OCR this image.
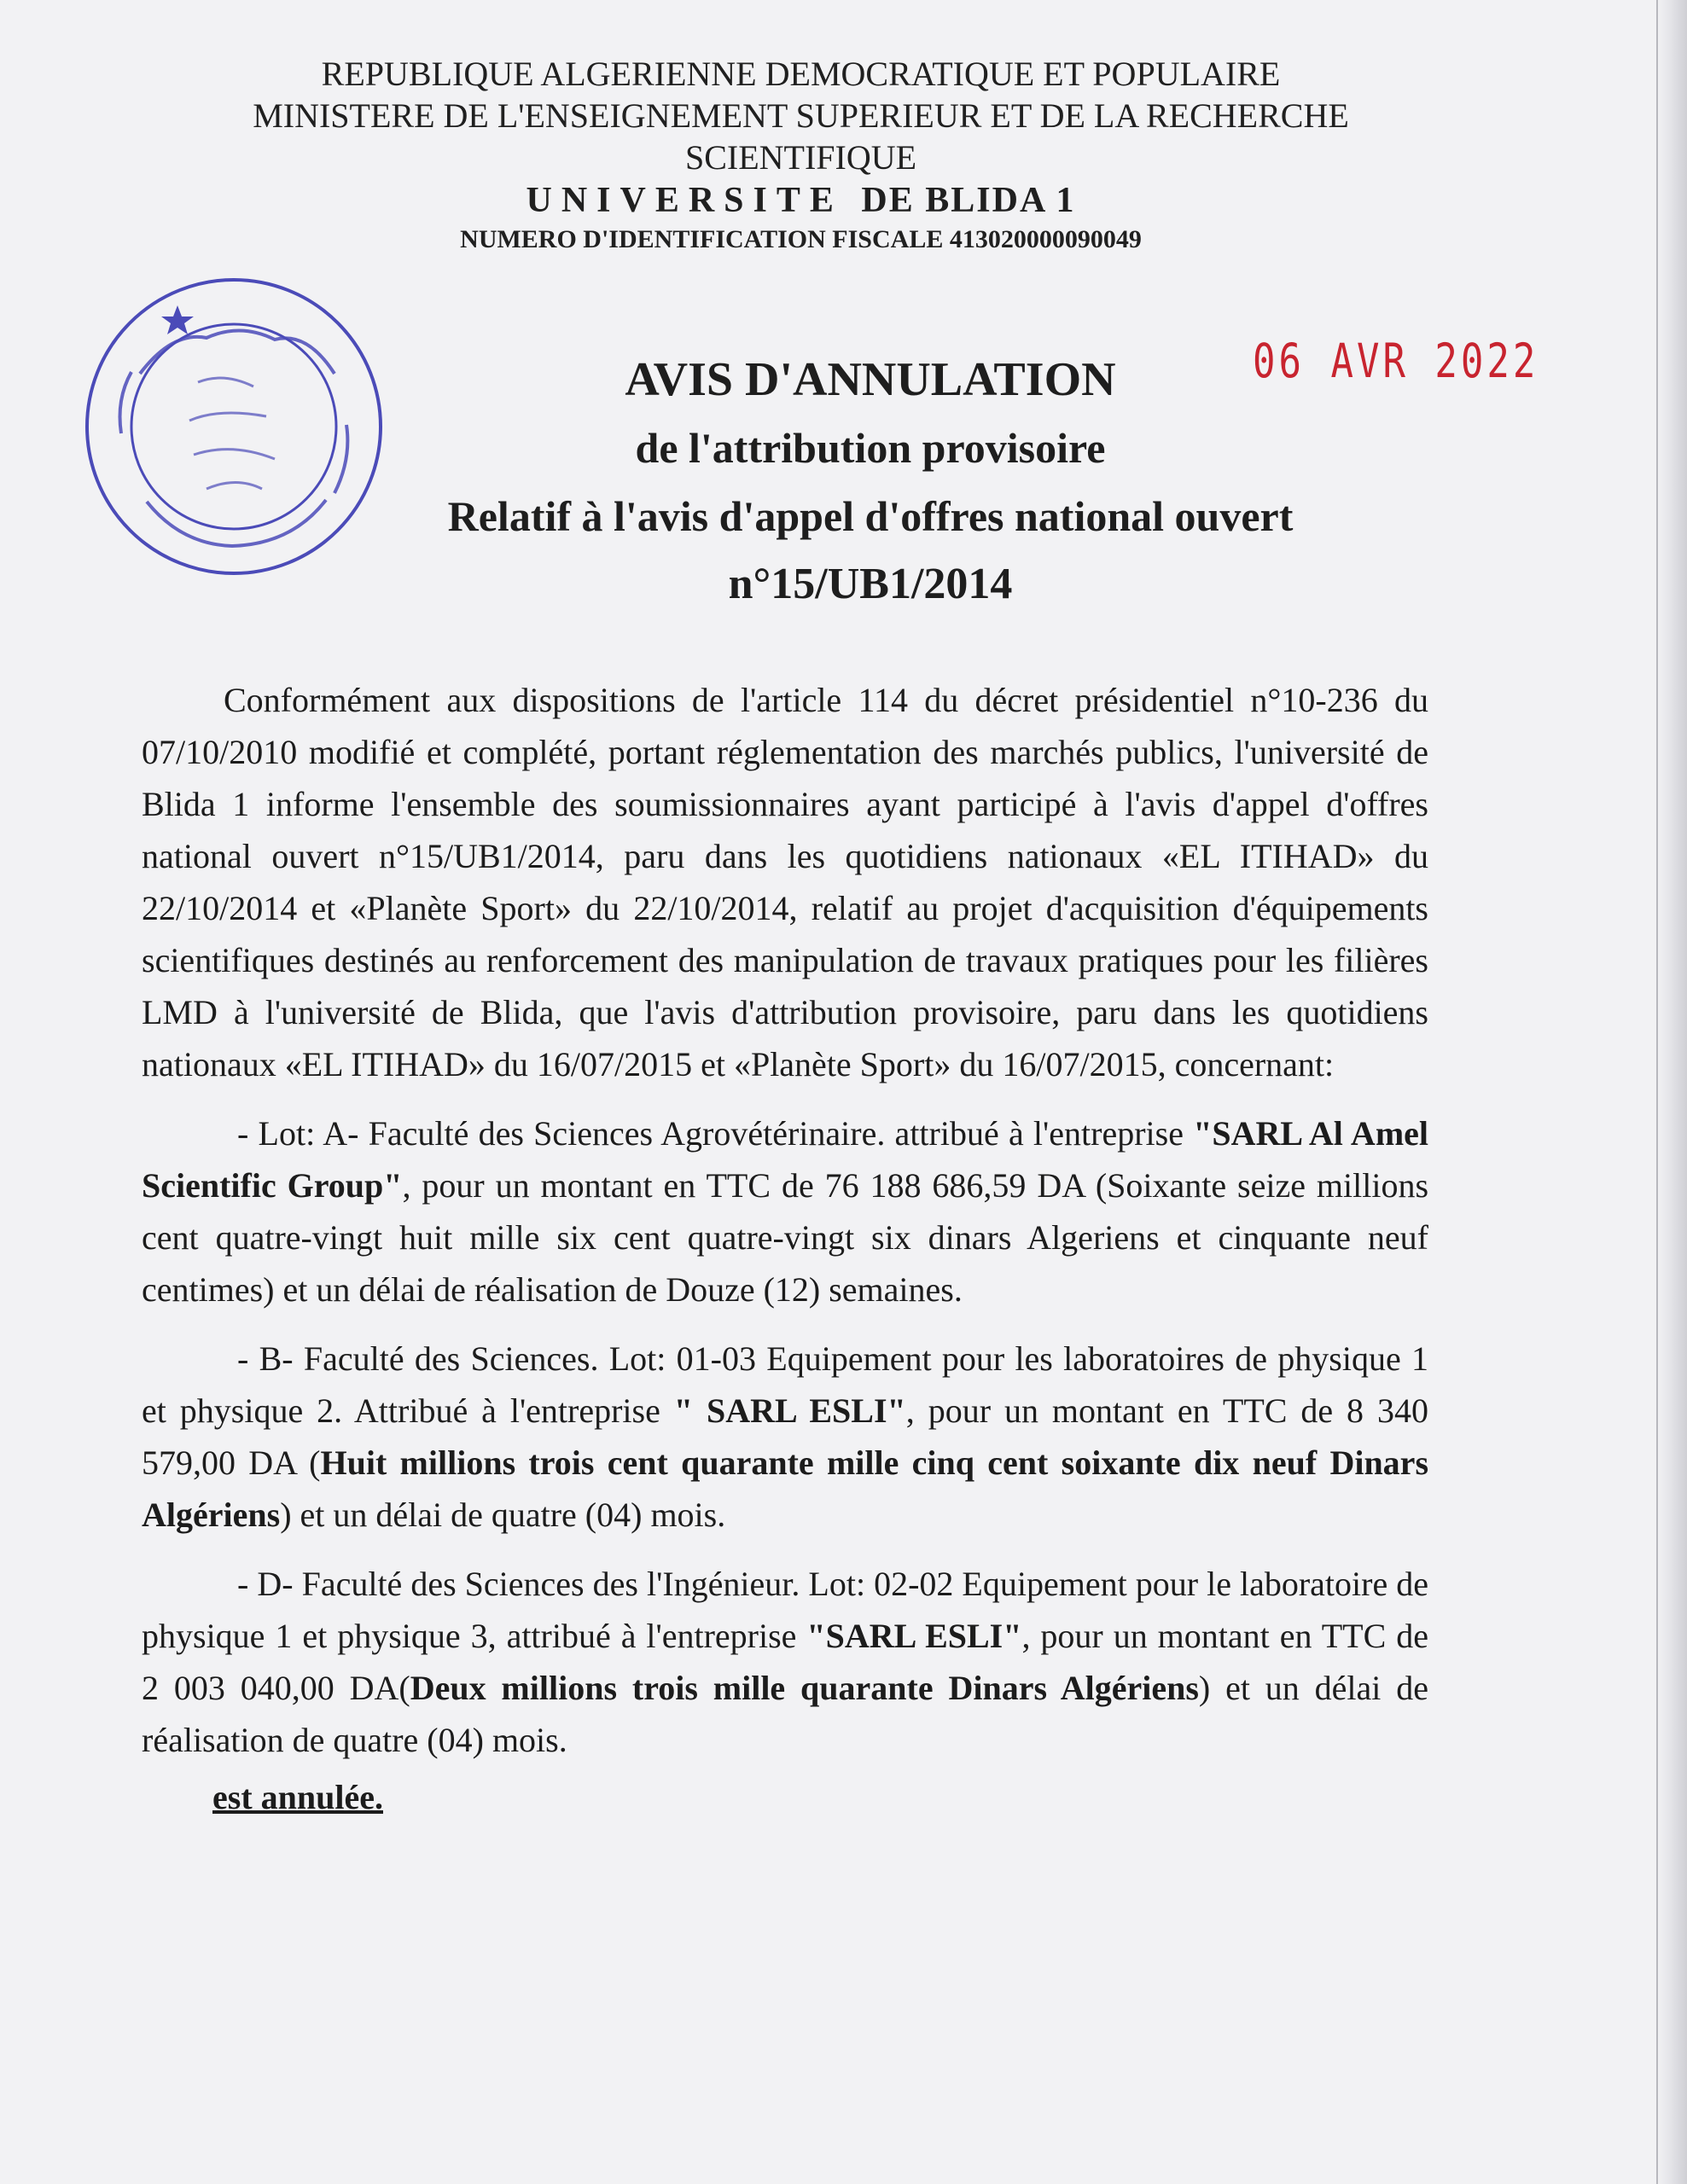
REPUBLIQUE ALGERIENNE DEMOCRATIQUE ET POPULAIRE
MINISTERE DE L'ENSEIGNEMENT SUPERIEUR ET DE LA RECHERCHE
SCIENTIFIQUE
UNIVERSITE DE BLIDA 1
NUMERO D'IDENTIFICATION FISCALE 413020000090049
06 AVR 2022
AVIS D'ANNULATION
de l'attribution provisoire
Relatif à l'avis d'appel d'offres national ouvert
n°15/UB1/2014

Conformément aux dispositions de l'article 114 du décret présidentiel n°10-236 du 07/10/2010 modifié et complété, portant réglementation des marchés publics, l'université de Blida 1 informe l'ensemble des soumissionnaires ayant participé à l'avis d'appel d'offres national ouvert n°15/UB1/2014, paru dans les quotidiens nationaux «EL ITIHAD» du 22/10/2014 et «Planète Sport» du 22/10/2014, relatif au projet d'acquisition d'équipements scientifiques destinés au renforcement des manipulation de travaux pratiques pour les filières LMD à l'université de Blida, que l'avis d'attribution provisoire, paru dans les quotidiens nationaux «EL ITIHAD» du 16/07/2015 et «Planète Sport» du 16/07/2015, concernant:

- Lot: A- Faculté des Sciences Agrovétérinaire. attribué à l'entreprise "SARL Al Amel Scientific Group", pour un montant en TTC de 76 188 686,59 DA (Soixante seize millions cent quatre-vingt huit mille six cent quatre-vingt six dinars Algeriens et cinquante neuf centimes) et un délai de réalisation de Douze (12) semaines.

- B- Faculté des Sciences. Lot: 01-03 Equipement pour les laboratoires de physique 1 et physique 2. Attribué à l'entreprise " SARL ESLI", pour un montant en TTC de 8 340 579,00 DA (Huit millions trois cent quarante mille cinq cent soixante dix neuf Dinars Algériens) et un délai de quatre (04) mois.

- D- Faculté des Sciences des l'Ingénieur. Lot: 02-02 Equipement pour le laboratoire de physique 1 et physique 3, attribué à l'entreprise "SARL ESLI", pour un montant en TTC de 2 003 040,00 DA(Deux millions trois mille quarante Dinars Algériens) et un délai de réalisation de quatre (04) mois.

est annulée.
